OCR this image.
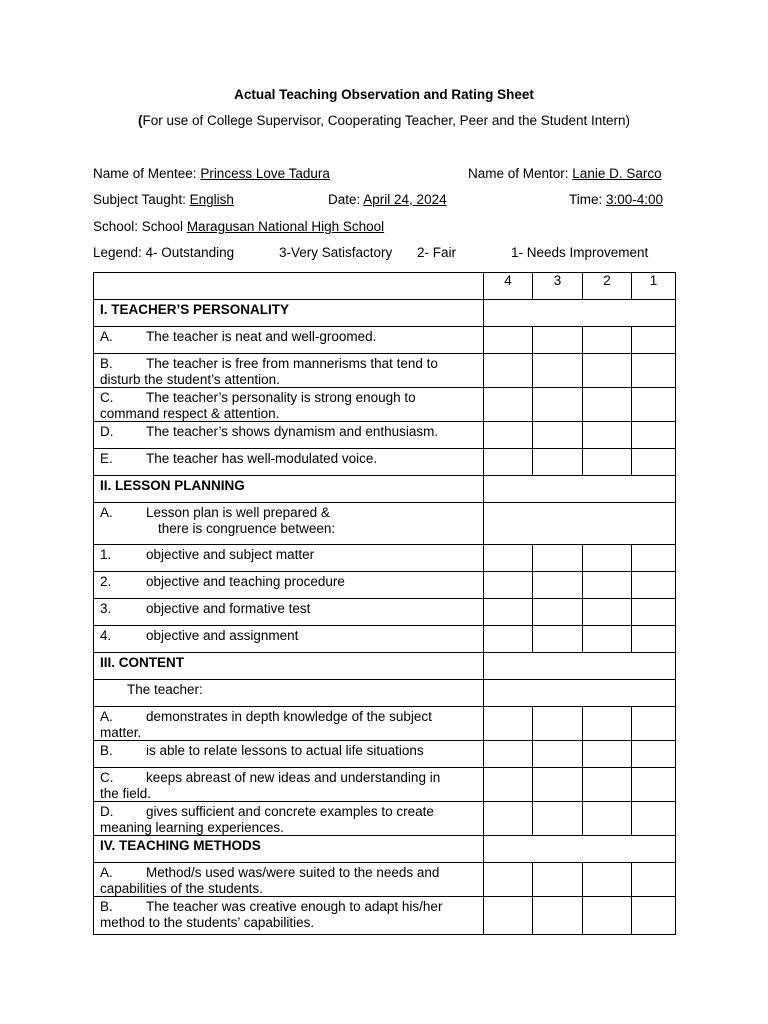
Actual Teaching Observation and Rating Sheet
(For use of College Supervisor, Cooperating Teacher, Peer and the Student Intern)
Name of Mentee: Princess Love Tadura	Name of Mentor: Lanie D. Sarco
Subject Taught: English	Date: April 24, 2024	Time: 3:00-4:00
School: School Maragusan National High School
Legend: 4- Outstanding	3-Very Satisfactory 2- Fair	1- Needs Improvement
	4	3	2	1
I. TEACHER’S PERSONALITY				

A. The teacher is neat and well-groomed.				

B. The teacher is free from mannerisms that tend to
disturb the student’s attention.				

C. The teacher’s personality is strong enough to
command respect & attention.				

D. The teacher’s shows dynamism and enthusiasm.				

E. The teacher has well-modulated voice.				

II. LESSON PLANNING				

A. Lesson plan is well prepared &
there is congruence between:				

1. objective and subject matter				

2. objective and teaching procedure				

3. objective and formative test				

4. objective and assignment				

III. CONTENT				

The teacher:				

A. demonstrates in depth knowledge of the subject
matter.				

B. is able to relate lessons to actual life situations				

C. keeps abreast of new ideas and understanding in
the field.				

D. gives sufficient and concrete examples to create
meaning learning experiences.				

IV. TEACHING METHODS				

A. Method/s used was/were suited to the needs and
capabilities of the students.				

B. The teacher was creative enough to adapt his/her
method to the students’ capabilities.				
